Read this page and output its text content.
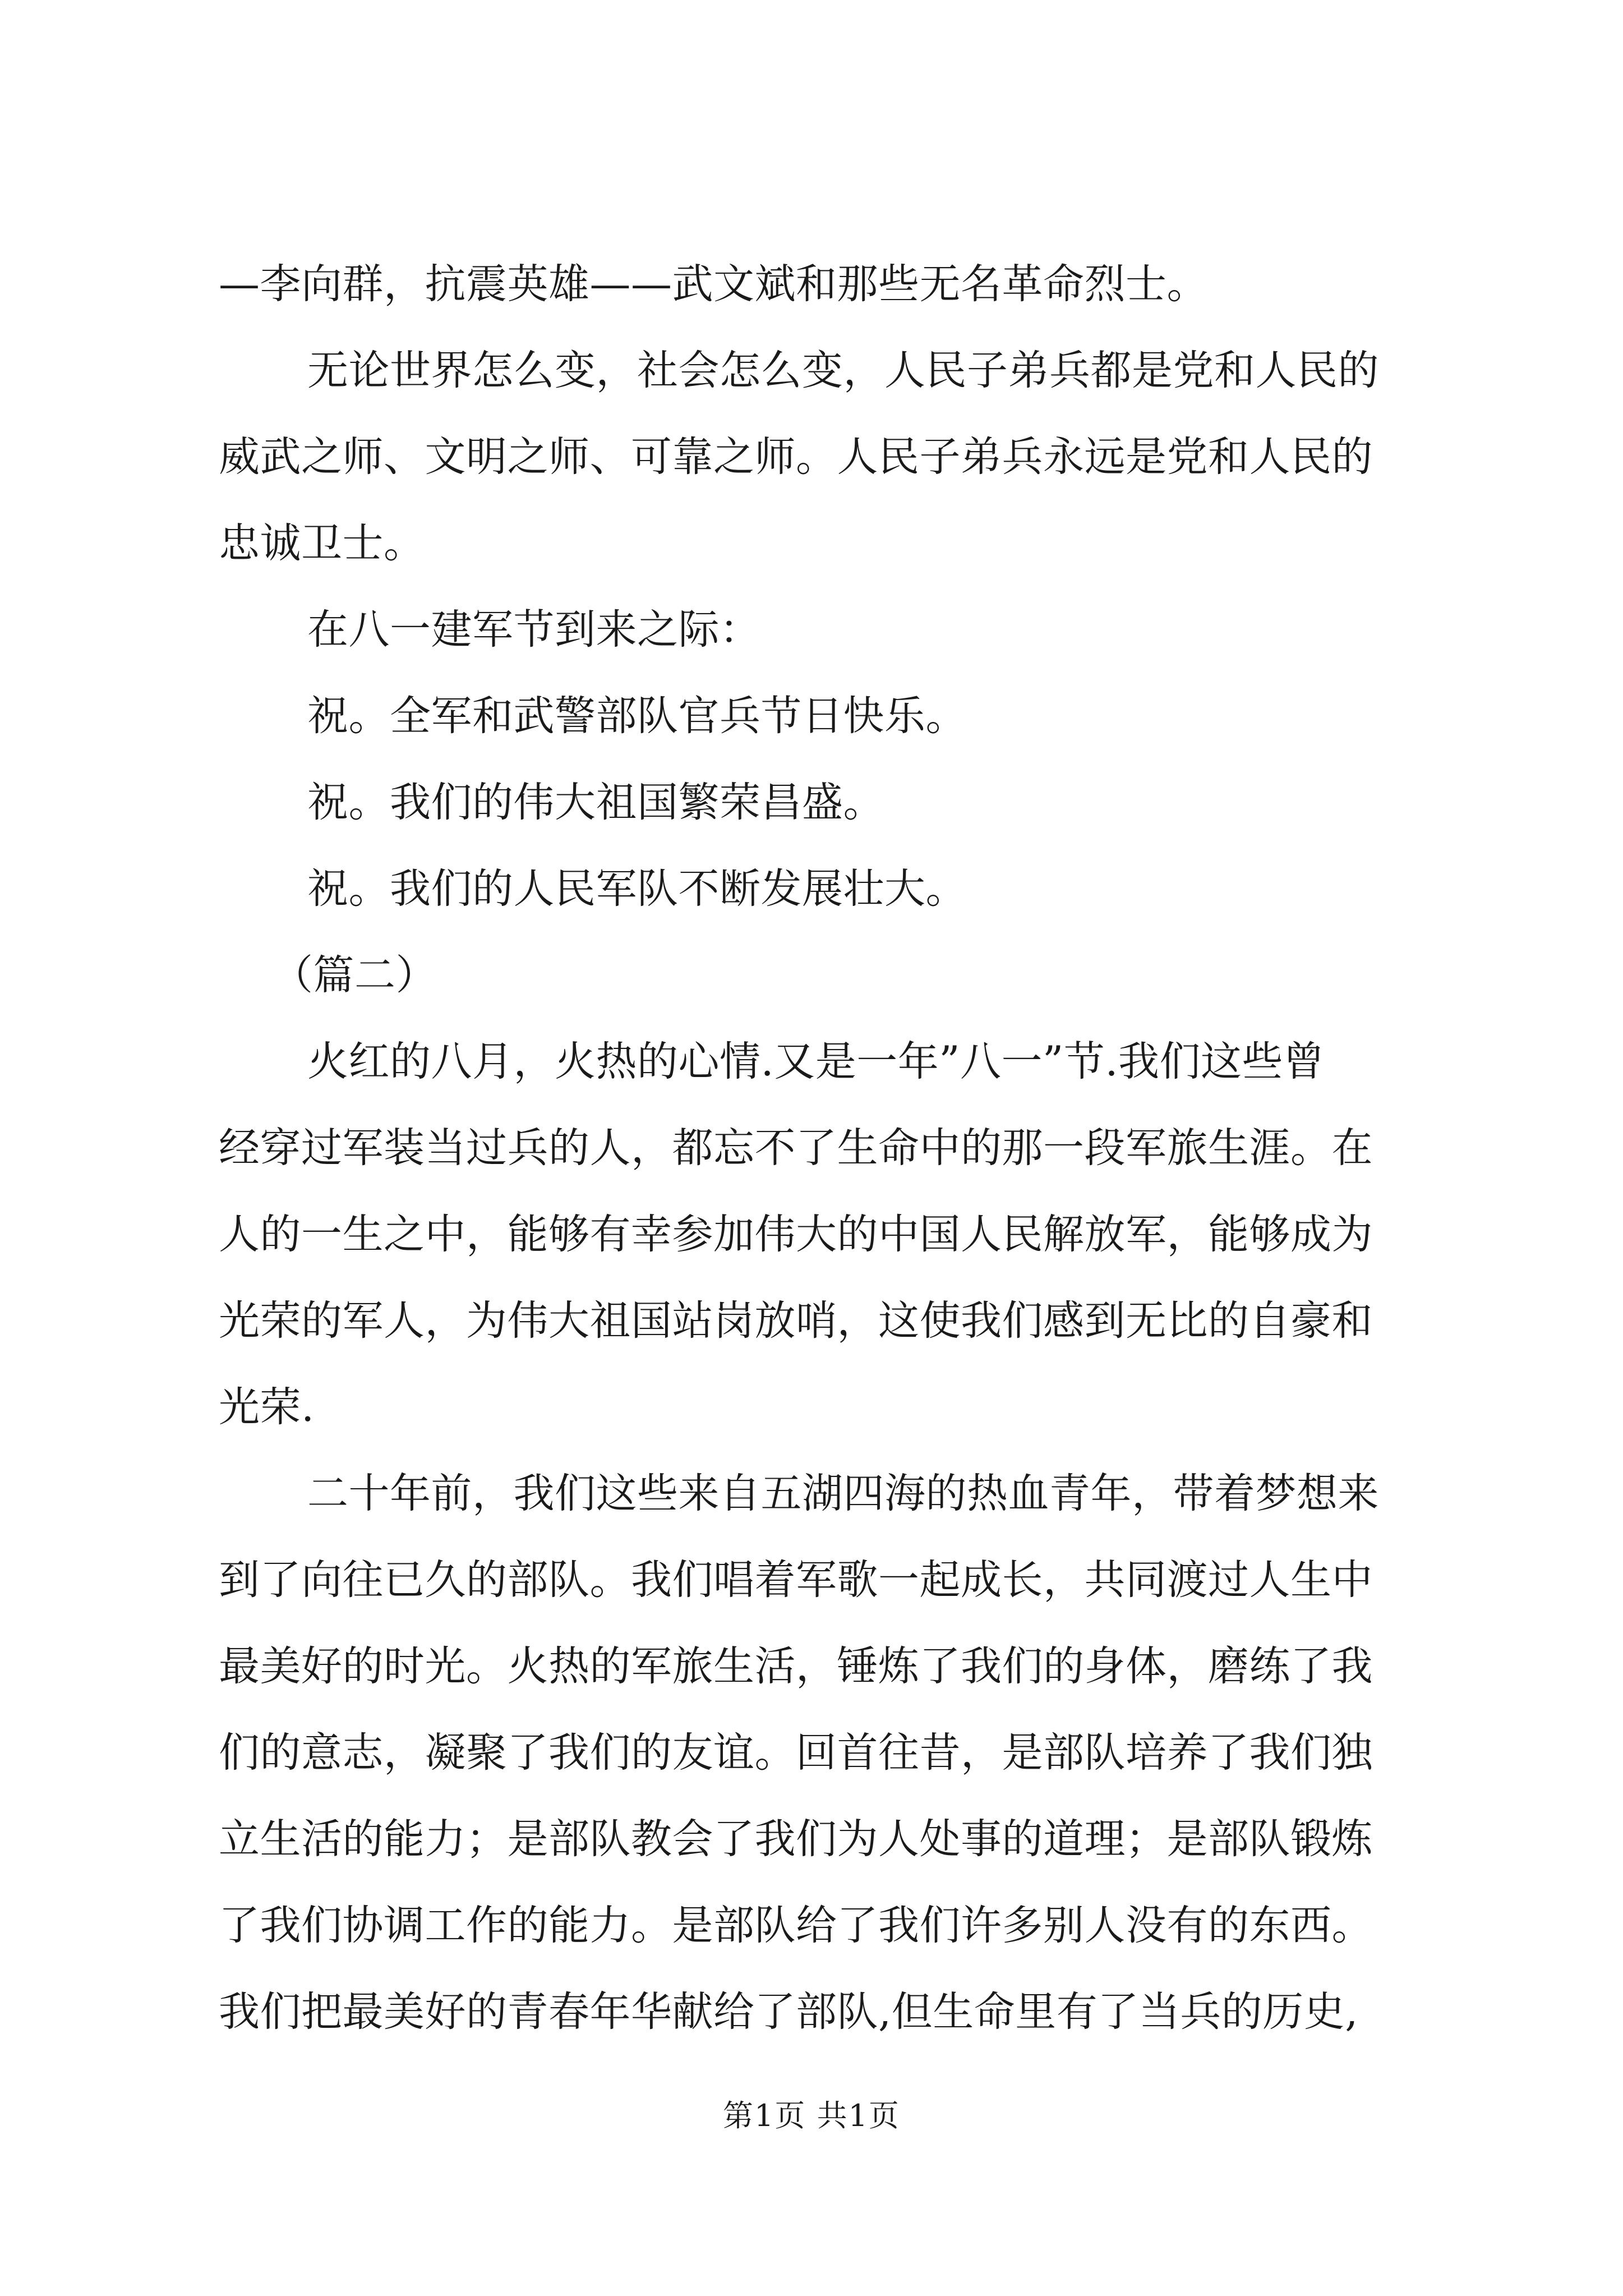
—李向群，抗震英雄——武文斌和那些无名革命烈士。
无论世界怎么变，社会怎么变，人民子弟兵都是党和人民的
威武之师、文明之师、可靠之师。人民子弟兵永远是党和人民的
忠诚卫士。
在八一建军节到来之际：
祝。全军和武警部队官兵节日快乐。
祝。我们的伟大祖国繁荣昌盛。
祝。我们的人民军队不断发展壮大。
（篇二）
火红的八月，火热的心情.又是一年”八一”节.我们这些曾
经穿过军装当过兵的人，都忘不了生命中的那一段军旅生涯。在
人的一生之中，能够有幸参加伟大的中国人民解放军，能够成为
光荣的军人，为伟大祖国站岗放哨，这使我们感到无比的自豪和
光荣.
二十年前，我们这些来自五湖四海的热血青年，带着梦想来
到了向往已久的部队。我们唱着军歌一起成长，共同渡过人生中
最美好的时光。火热的军旅生活，锤炼了我们的身体，磨练了我
们的意志，凝聚了我们的友谊。回首往昔，是部队培养了我们独
立生活的能力；是部队教会了我们为人处事的道理；是部队锻炼
了我们协调工作的能力。是部队给了我们许多别人没有的东西。
我们把最美好的青春年华献给了部队,但生命里有了当兵的历史,
第1页 共1页
